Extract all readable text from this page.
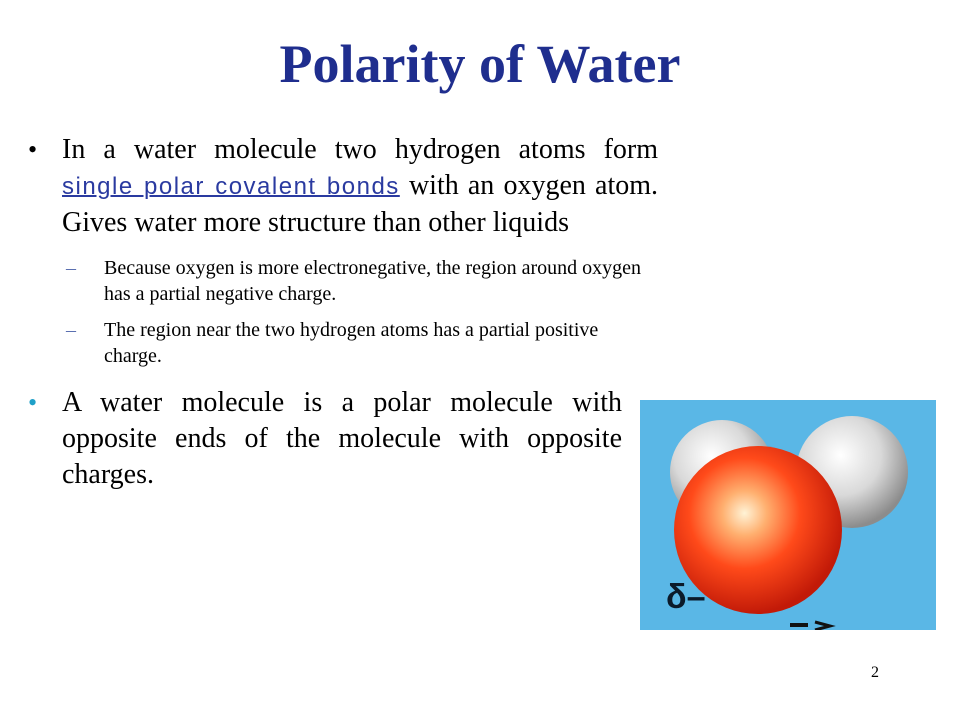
Polarity of Water
• In a water molecule two hydrogen atoms form single polar covalent bonds with an oxygen atom. Gives water more structure than other liquids

– Because oxygen is more electronegative, the region around oxygen has a partial negative charge.

– The region near the two hydrogen atoms has a partial positive charge.

• A water molecule is a polar molecule with opposite ends of the molecule with opposite charges.

δ–
2
